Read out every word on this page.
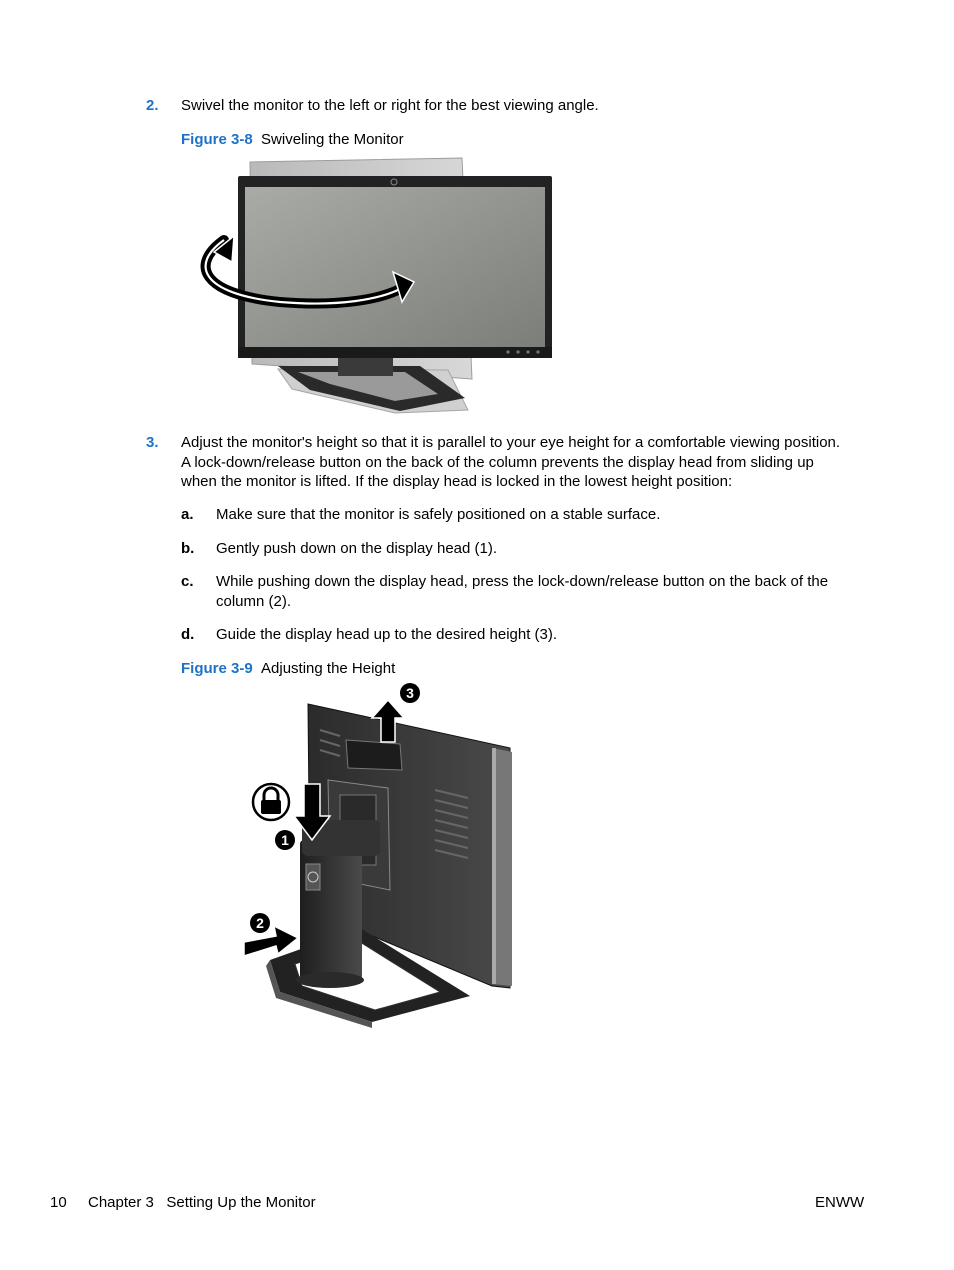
2. Swivel the monitor to the left or right for the best viewing angle.
Figure 3-8 Swiveling the Monitor
3. Adjust the monitor's height so that it is parallel to your eye height for a comfortable viewing position.
A lock-down/release button on the back of the column prevents the display head from sliding up
when the monitor is lifted. If the display head is locked in the lowest height position:
a. Make sure that the monitor is safely positioned on a stable surface.
b. Gently push down on the display head (1).
c. While pushing down the display head, press the lock-down/release button on the back of the
column (2).
d. Guide the display head up to the desired height (3).
Figure 3-9 Adjusting the Height
1
2
3
10 Chapter 3   Setting Up the Monitor	ENWW
